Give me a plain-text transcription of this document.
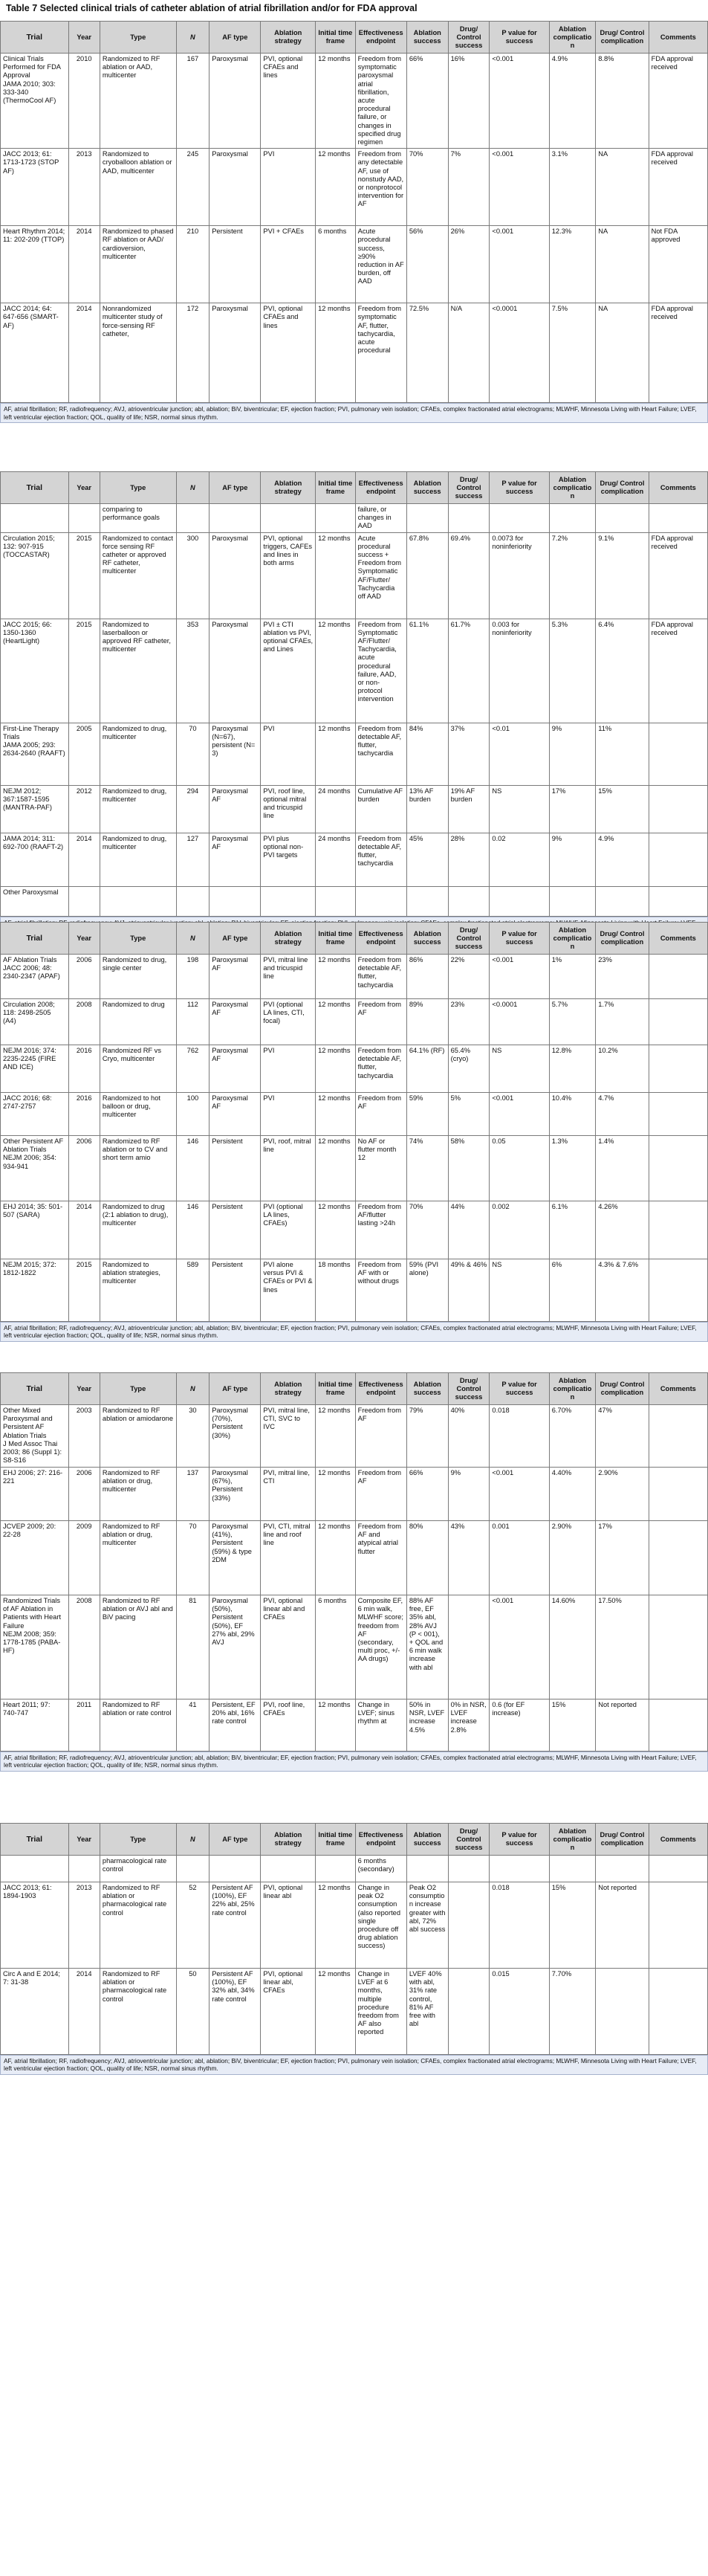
Table 7 Selected clinical trials of catheter ablation of atrial fibrillation and/or for FDA approval
Trial	Year	Type	N	AF type	Ablation strategy	Initial time frame	Effectiveness endpoint	Ablation success	Drug/ Control success	P value for success	Ablation complication	Drug/ Control complication	Comments
Clinical Trials Performed for FDA Approval
JAMA 2010; 303: 333-340 (ThermoCool AF)	2010	Randomized to RF ablation or AAD, multicenter	167	Paroxysmal	PVI, optional CFAEs and lines	12 months	Freedom from symptomatic paroxysmal atrial fibrillation, acute procedural failure, or changes in specified drug regimen	66%	16%	<0.001	4.9%	8.8%	FDA approval received
JACC 2013; 61: 1713-1723 (STOP AF)	2013	Randomized to cryoballoon ablation or AAD, multicenter	245	Paroxysmal	PVI	12 months	Freedom from any detectable AF, use of nonstudy AAD, or nonprotocol intervention for AF	70%	7%	<0.001	3.1%	NA	FDA approval received
Heart Rhythm 2014; 11: 202-209 (TTOP)	2014	Randomized to phased RF ablation or AAD/ cardioversion, multicenter	210	Persistent	PVI + CFAEs	6 months	Acute procedural success, ≥90% reduction in AF burden, off AAD	56%	26%	<0.001	12.3%	NA	Not FDA approved
JACC 2014; 64: 647-656 (SMART-AF)	2014	Nonrandomized multicenter study of force-sensing RF catheter,	172	Paroxysmal	PVI, optional CFAEs and lines	12 months	Freedom from symptomatic AF, flutter, tachycardia, acute procedural	72.5%	N/A	<0.0001	7.5%	NA	FDA approval received
AF, atrial fibrillation; RF, radiofrequency; AVJ, atrioventricular junction; abl, ablation; BiV, biventricular; EF, ejection fraction; PVI, pulmonary vein isolation; CFAEs, complex fractionated atrial electrograms; MLWHF, Minnesota Living with Heart Failure; LVEF, left ventricular ejection fraction; QOL, quality of life; NSR, normal sinus rhythm.
Trial	Year	Type	N	AF type	Ablation strategy	Initial time frame	Effectiveness endpoint	Ablation success	Drug/ Control success	P value for success	Ablation complication	Drug/ Control complication	Comments
		comparing to performance goals					failure, or changes in AAD						
Circulation 2015; 132: 907-915 (TOCCASTAR)	2015	Randomized to contact force sensing RF catheter or approved RF catheter, multicenter	300	Paroxysmal	PVI, optional triggers, CAFEs and lines in both arms	12 months	Acute procedural success + Freedom from Symptomatic AF/Flutter/ Tachycardia off AAD	67.8%	69.4%	0.0073 for noninferiority	7.2%	9.1%	FDA approval received
JACC 2015; 66: 1350-1360 (HeartLight)	2015	Randomized to laserballoon or approved RF catheter, multicenter	353	Paroxysmal	PVI ± CTI ablation vs PVI, optional CFAEs, and Lines	12 months	Freedom from Symptomatic AF/Flutter/ Tachycardia, acute procedural failure, AAD, or non-protocol intervention	61.1%	61.7%	0.003 for noninferiority	5.3%	6.4%	FDA approval received
First-Line Therapy Trials
JAMA 2005; 293: 2634-2640 (RAAFT)	2005	Randomized to drug, multicenter	70	Paroxysmal (N=67), persistent (N= 3)	PVI	12 months	Freedom from detectable AF, flutter, tachycardia	84%	37%	<0.01	9%	11%	
NEJM 2012; 367:1587-1595 (MANTRA-PAF)	2012	Randomized to drug, multicenter	294	Paroxysmal AF	PVI, roof line, optional mitral and tricuspid line	24 months	Cumulative AF burden	13% AF burden	19% AF burden	NS	17%	15%	
JAMA 2014; 311: 692-700 (RAAFT-2)	2014	Randomized to drug, multicenter	127	Paroxysmal AF	PVI plus optional non-PVI targets	24 months	Freedom from detectable AF, flutter, tachycardia	45%	28%	0.02	9%	4.9%	
Other Paroxysmal													
Trial	Year	Type	N	AF type	Ablation strategy	Initial time frame	Effectiveness endpoint	Ablation success	Drug/ Control success	P value for success	Ablation complication	Drug/ Control complication	Comments
AF Ablation Trials
JACC 2006; 48: 2340-2347 (APAF)	2006	Randomized to drug, single center	198	Paroxysmal AF	PVI, mitral line and tricuspid line	12 months	Freedom from detectable AF, flutter, tachycardia	86%	22%	<0.001	1%	23%	
Circulation 2008; 118: 2498-2505 (A4)	2008	Randomized to drug	112	Paroxysmal AF	PVI (optional LA lines, CTI, focal)	12 months	Freedom from AF	89%	23%	<0.0001	5.7%	1.7%	
NEJM 2016; 374: 2235-2245 (FIRE AND ICE)	2016	Randomized RF vs Cryo, multicenter	762	Paroxysmal AF	PVI	12 months	Freedom from detectable AF, flutter, tachycardia	64.1% (RF)	65.4% (cryo)	NS	12.8%	10.2%	
JACC 2016; 68: 2747-2757	2016	Randomized to hot balloon or drug, multicenter	100	Paroxysmal AF	PVI	12 months	Freedom from AF	59%	5%	<0.001	10.4%	4.7%	
Other Persistent AF Ablation Trials
NEJM 2006; 354: 934-941	2006	Randomized to RF ablation or to CV and short term amio	146	Persistent	PVI, roof, mitral line	12 months	No AF or flutter month 12	74%	58%	0.05	1.3%	1.4%	
EHJ 2014; 35: 501-507 (SARA)	2014	Randomized to drug (2:1 ablation to drug), multicenter	146	Persistent	PVI (optional LA lines, CFAEs)	12 months	Freedom from AF/flutter lasting >24h	70%	44%	0.002	6.1%	4.26%	
NEJM 2015; 372: 1812-1822	2015	Randomized to ablation strategies, multicenter	589	Persistent	PVI alone versus PVI & CFAEs or PVI & lines	18 months	Freedom from AF with or without drugs	59% (PVI alone)	49% & 46%	NS	6%	4.3% & 7.6%	
AF, atrial fibrillation; RF, radiofrequency; AVJ, atrioventricular junction; abl, ablation; BiV, biventricular; EF, ejection fraction; PVI, pulmonary vein isolation; CFAEs, complex fractionated atrial electrograms; MLWHF, Minnesota Living with Heart Failure; LVEF, left ventricular ejection fraction; QOL, quality of life; NSR, normal sinus rhythm.
Trial	Year	Type	N	AF type	Ablation strategy	Initial time frame	Effectiveness endpoint	Ablation success	Drug/ Control success	P value for success	Ablation complication	Drug/ Control complication	Comments
Other Mixed Paroxysmal and Persistent AF Ablation Trials
J Med Assoc Thai 2003; 86 (Suppl 1): S8-S16	2003	Randomized to RF ablation or amiodarone	30	Paroxysmal (70%), Persistent (30%)	PVI, mitral line, CTI, SVC to IVC	12 months	Freedom from AF	79%	40%	0.018	6.70%	47%	
EHJ 2006; 27: 216-221	2006	Randomized to RF ablation or drug, multicenter	137	Paroxysmal (67%), Persistent (33%)	PVI, mitral line, CTI	12 months	Freedom from AF	66%	9%	<0.001	4.40%	2.90%	
JCVEP 2009; 20: 22-28	2009	Randomized to RF ablation or drug, multicenter	70	Paroxysmal (41%), Persistent (59%) & type 2DM	PVI, CTI, mitral line and roof line	12 months	Freedom from AF and atypical atrial flutter	80%	43%	0.001	2.90%	17%	
Randomized Trials of AF Ablation in Patients with Heart Failure
NEJM 2008; 359: 1778-1785 (PABA-HF)	2008	Randomized to RF ablation or AVJ abl and BiV pacing	81	Paroxysmal (50%), Persistent (50%), EF 27% abl, 29% AVJ	PVI, optional linear abl and CFAEs	6 months	Composite EF, 6 min walk, MLWHF score; freedom from AF (secondary, multi proc, +/- AA drugs)	88% AF free, EF 35% abl, 28% AVJ (P < 001), + QOL and 6 min walk increase with abl		<0.001	14.60%	17.50%	
Heart 2011; 97: 740-747	2011	Randomized to RF ablation or rate control	41	Persistent, EF 20% abl, 16% rate control	PVI, roof line, CFAEs	12 months	Change in LVEF; sinus rhythm at	50% in NSR, LVEF increase 4.5%	0% in NSR, LVEF increase 2.8%	0.6 (for EF increase)	15%	Not reported	
AF, atrial fibrillation; RF, radiofrequency; AVJ, atrioventricular junction; abl, ablation; BiV, biventricular; EF, ejection fraction; PVI, pulmonary vein isolation; CFAEs, complex fractionated atrial electrograms; MLWHF, Minnesota Living with Heart Failure; LVEF, left ventricular ejection fraction; QOL, quality of life; NSR, normal sinus rhythm.
Trial	Year	Type	N	AF type	Ablation strategy	Initial time frame	Effectiveness endpoint	Ablation success	Drug/ Control success	P value for success	Ablation complication	Drug/ Control complication	Comments
		pharmacological rate control					6 months (secondary)						
JACC 2013; 61: 1894-1903	2013	Randomized to RF ablation or pharmacological rate control	52	Persistent AF (100%), EF 22% abl, 25% rate control	PVI, optional linear abl	12 months	Change in peak O2 consumption (also reported single procedure off drug ablation success)	Peak O2 consumption increase greater with abl, 72% abl success		0.018	15%	Not reported	
Circ A and E 2014; 7: 31-38	2014	Randomized to RF ablation or pharmacological rate control	50	Persistent AF (100%), EF 32% abl, 34% rate control	PVI, optional linear abl, CFAEs	12 months	Change in LVEF at 6 months, multiple procedure freedom from AF also reported	LVEF 40% with abl, 31% rate control, 81% AF free with abl		0.015	7.70%		
AF, atrial fibrillation; RF, radiofrequency; AVJ, atrioventricular junction; abl, ablation; BiV, biventricular; EF, ejection fraction; PVI, pulmonary vein isolation; CFAEs, complex fractionated atrial electrograms; MLWHF, Minnesota Living with Heart Failure; LVEF, left ventricular ejection fraction; QOL, quality of life; NSR, normal sinus rhythm.
